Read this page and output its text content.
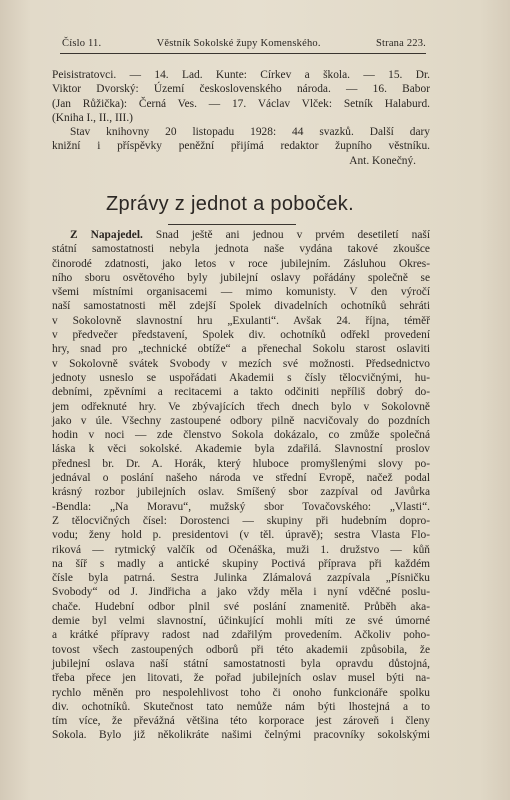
Číslo 11.	Věstník Sokolské župy Komenského.	Strana 223.
Peisistratovci. — 14. Lad. Kunte: Církev a škola. — 15. Dr.
Viktor Dvorský: Území československého národa. — 16. Babor
(Jan Růžička): Černá Ves. — 17. Václav Vlček: Setník Halaburd.
(Kniha I., II., III.)
Stav knihovny 20 listopadu 1928: 44 svazků. Další dary
knižní i příspěvky peněžní přijímá redaktor župního věstníku.
Ant. Konečný.
Zprávy z jednot a poboček.
Z Napajedel. Snad ještě ani jednou v prvém desetiletí naší
státní samostatnosti nebyla jednota naše vydána takové zkoušce
činorodé zdatnosti, jako letos v roce jubilejním. Zásluhou Okres-
ního sboru osvětového byly jubilejní oslavy pořádány společně se
všemi místními organisacemi — mimo komunisty. V den výročí
naší samostatnosti měl zdejší Spolek divadelních ochotníků sehráti
v Sokolovně slavnostní hru „Exulanti“. Avšak 24. října, téměř
v předvečer představení, Spolek div. ochotníků odřekl provedení
hry, snad pro „technické obtíže“ a přenechal Sokolu starost oslaviti
v Sokolovně svátek Svobody v mezích své možnosti. Předsednictvo
jednoty usneslo se uspořádati Akademii s čísly tělocvičnými, hu-
debními, zpěvními a recitacemi a takto odčiniti nepříliš dobrý do-
jem odřeknuté hry. Ve zbývajících třech dnech bylo v Sokolovně
jako v úle. Všechny zastoupené odbory pilně nacvičovaly do pozdních
hodin v noci — zde členstvo Sokola dokázalo, co zmůže společná
láska k věci sokolské. Akademie byla zdařilá. Slavnostní proslov
přednesl br. Dr. A. Horák, který hluboce promyšlenými slovy po-
jednával o poslání našeho národa ve střední Evropě, načež podal
krásný rozbor jubilejních oslav. Smíšený sbor zazpíval od Javůrka
-Bendla: „Na Moravu“, mužský sbor Tovačovského: „Vlasti“.
Z tělocvičných čísel: Dorostenci — skupiny při hudebním dopro-
vodu; ženy hold p. presidentovi (v těl. úpravě); sestra Vlasta Flo-
riková — rytmický valčík od Očenáška, muži 1. družstvo — kůň
na šíř s madly a antické skupiny Poctivá příprava při každém
čísle byla patrná. Sestra Julinka Zlámalová zazpívala „Písničku
Svobody“ od J. Jindřicha a jako vždy měla i nyní vděčné poslu-
chače. Hudební odbor plnil své poslání znamenitě. Průběh aka-
demie byl velmi slavnostní, účinkující mohli míti ze své úmorné
a krátké přípravy radost nad zdařilým provedením. Ačkoliv poho-
tovost všech zastoupených odborů při této akademii způsobila, že
jubilejní oslava naší státní samostatnosti byla opravdu důstojná,
třeba přece jen litovati, že pořad jubilejních oslav musel býti na-
rychlo měněn pro nespolehlivost toho či onoho funkcionáře spolku
div. ochotníků. Skutečnost tato nemůže nám býti lhostejná a to
tím více, že převážná většina této korporace jest zároveň i členy
Sokola. Bylo již několikráte našimi čelnými pracovníky sokolskými
